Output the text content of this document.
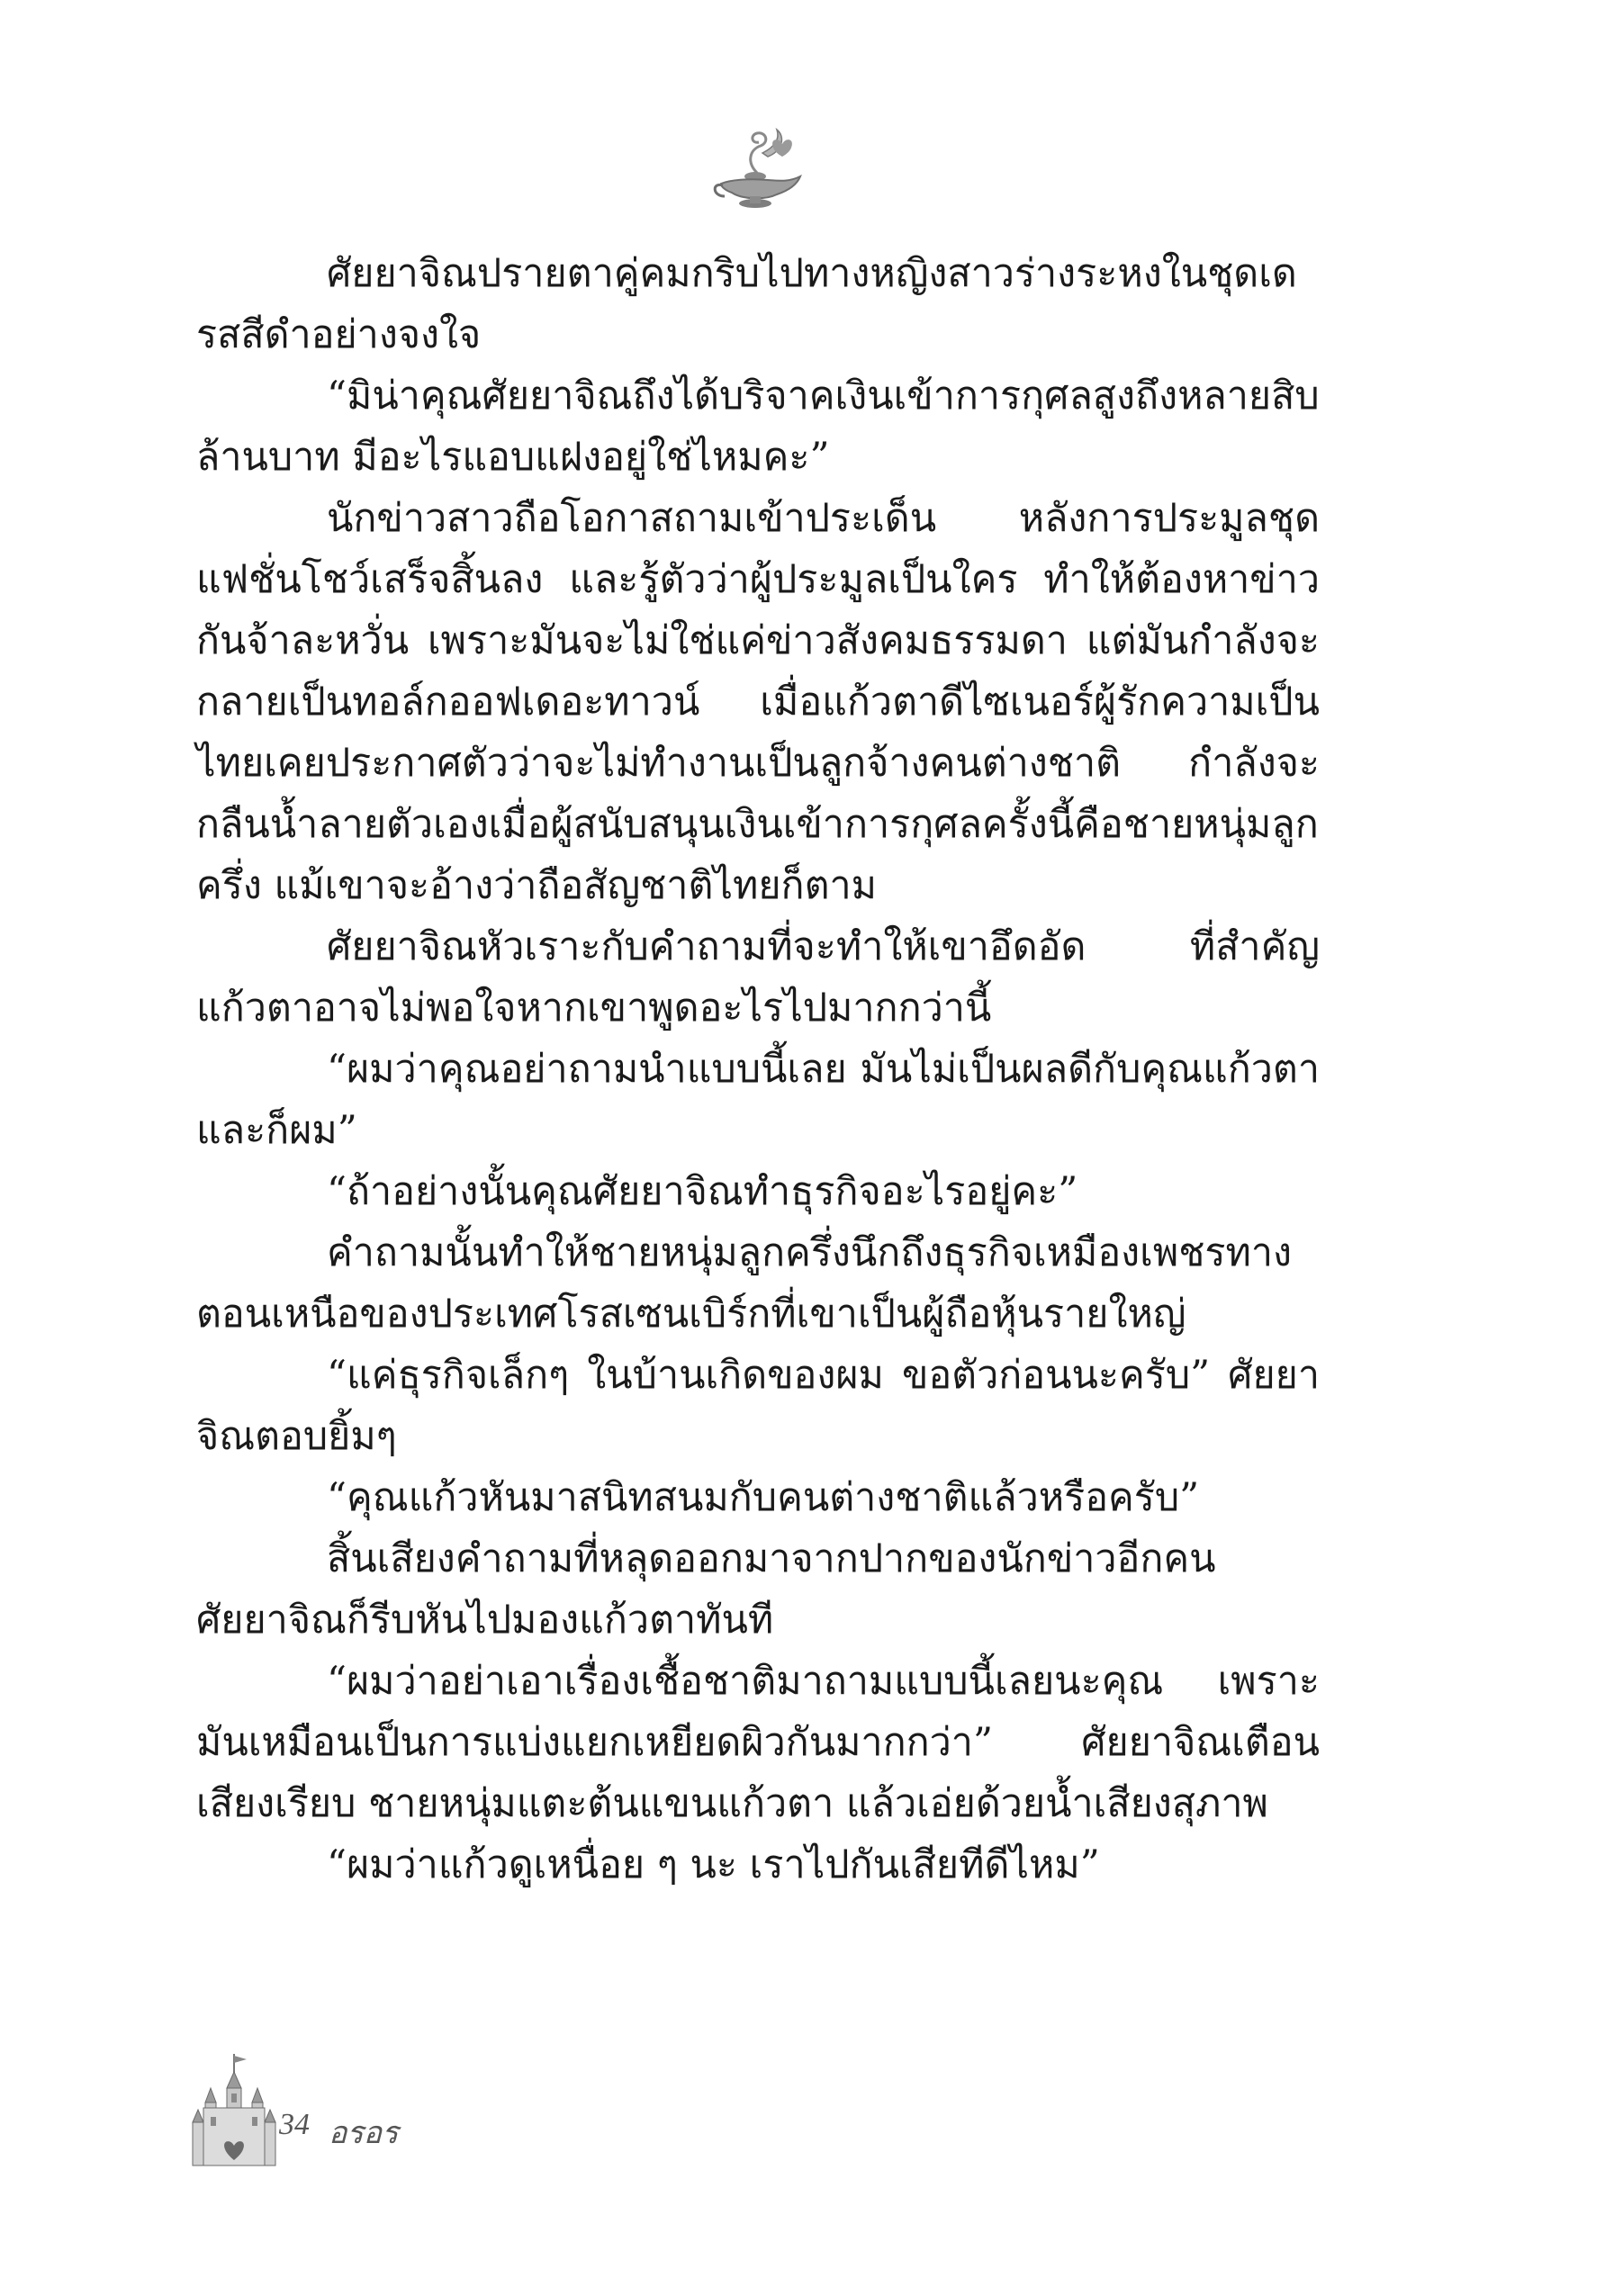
ศัยยาจิณปรายตาคู่คมกริบไปทางหญิงสาวร่างระหงในชุดเดรสสีดำอย่างจงใจ

“มิน่าคุณศัยยาจิณถึงได้บริจาคเงินเข้าการกุศลสูงถึงหลายสิบล้านบาท มีอะไรแอบแฝงอยู่ใช่ไหมคะ”

นักข่าวสาวถือโอกาสถามเข้าประเด็น หลังการประมูลชุดแฟชั่นโชว์เสร็จสิ้นลง และรู้ตัวว่าผู้ประมูลเป็นใคร ทำให้ต้องหาข่าวกันจ้าละหวั่น เพราะมันจะไม่ใช่แค่ข่าวสังคมธรรมดา แต่มันกำลังจะกลายเป็นทอล์กออฟเดอะทาวน์ เมื่อแก้วตาดีไซเนอร์ผู้รักความเป็นไทยเคยประกาศตัวว่าจะไม่ทำงานเป็นลูกจ้างคนต่างชาติ กำลังจะกลืนน้ำลายตัวเองเมื่อผู้สนับสนุนเงินเข้าการกุศลครั้งนี้คือชายหนุ่มลูกครึ่ง แม้เขาจะอ้างว่าถือสัญชาติไทยก็ตาม

ศัยยาจิณหัวเราะกับคำถามที่จะทำให้เขาอึดอัด ที่สำคัญแก้วตาอาจไม่พอใจหากเขาพูดอะไรไปมากกว่านี้

“ผมว่าคุณอย่าถามนำแบบนี้เลย มันไม่เป็นผลดีกับคุณแก้วตาและก็ผม”

“ถ้าอย่างนั้นคุณศัยยาจิณทำธุรกิจอะไรอยู่คะ”

คำถามนั้นทำให้ชายหนุ่มลูกครึ่งนึกถึงธุรกิจเหมืองเพชรทางตอนเหนือของประเทศโรสเซนเบิร์กที่เขาเป็นผู้ถือหุ้นรายใหญ่

“แค่ธุรกิจเล็กๆ ในบ้านเกิดของผม ขอตัวก่อนนะครับ” ศัยยาจิณตอบยิ้มๆ

“คุณแก้วหันมาสนิทสนมกับคนต่างชาติแล้วหรือครับ”

สิ้นเสียงคำถามที่หลุดออกมาจากปากของนักข่าวอีกคน ศัยยาจิณก็รีบหันไปมองแก้วตาทันที

“ผมว่าอย่าเอาเรื่องเชื้อชาติมาถามแบบนี้เลยนะคุณ เพราะมันเหมือนเป็นการแบ่งแยกเหยียดผิวกันมากกว่า” ศัยยาจิณเตือนเสียงเรียบ ชายหนุ่มแตะต้นแขนแก้วตา แล้วเอ่ยด้วยน้ำเสียงสุภาพ

“ผมว่าแก้วดูเหนื่อย ๆ นะ เราไปกันเสียทีดีไหม”

34 อรอร
